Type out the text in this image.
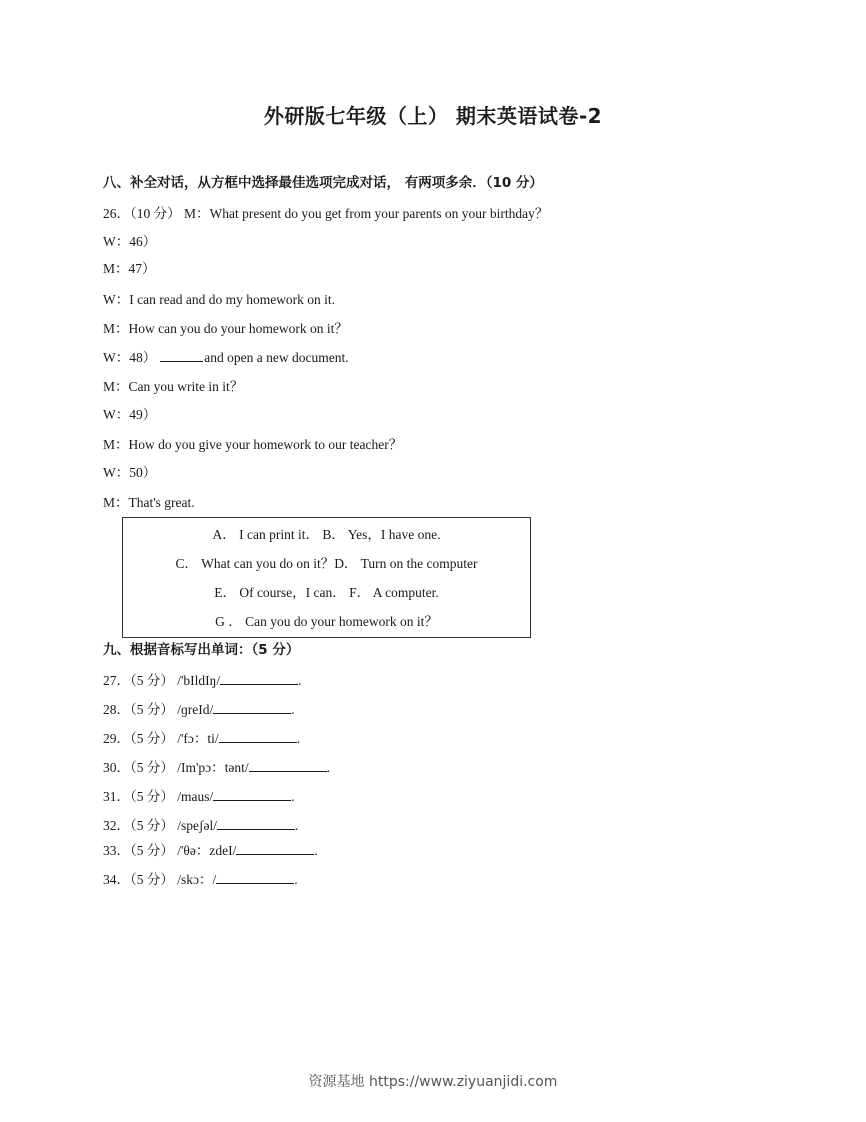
外研版七年级（上） 期末英语试卷-2
八、补全对话，从方框中选择最佳选项完成对话， 有两项多余．（10 分）
26．（10 分） M：What present do you get from your parents on your birthday？
W：46）
M：47）
W：I can read and do my homework on it.
M：How can you do your homework on it？
W：48）	and open a new document.
M：Can you write in it？
W：49）
M：How do you give your homework to our teacher？
W：50）
M：That's great.
A． I can print it． B． Yes，I have one.
C． What can you do on it？D． Turn on the computer
E． Of course，I can． F． A computer.
G ． Can you do your homework on it？
九、根据音标写出单词：（5 分）
27．（5 分） /'bIldIŋ/	.
28．（5 分） /ɡreId/	.
29．（5 分） /'fɔ：ti/	.
30．（5 分） /Im'pɔ：tənt/	.
31．（5 分） /maus/	.
32．（5 分） /speʃəl/	.
33．（5 分） /'θə：zdeI/	.
34．（5 分） /skɔ：/	.
资源基地 https://www.ziyuanjidi.com
